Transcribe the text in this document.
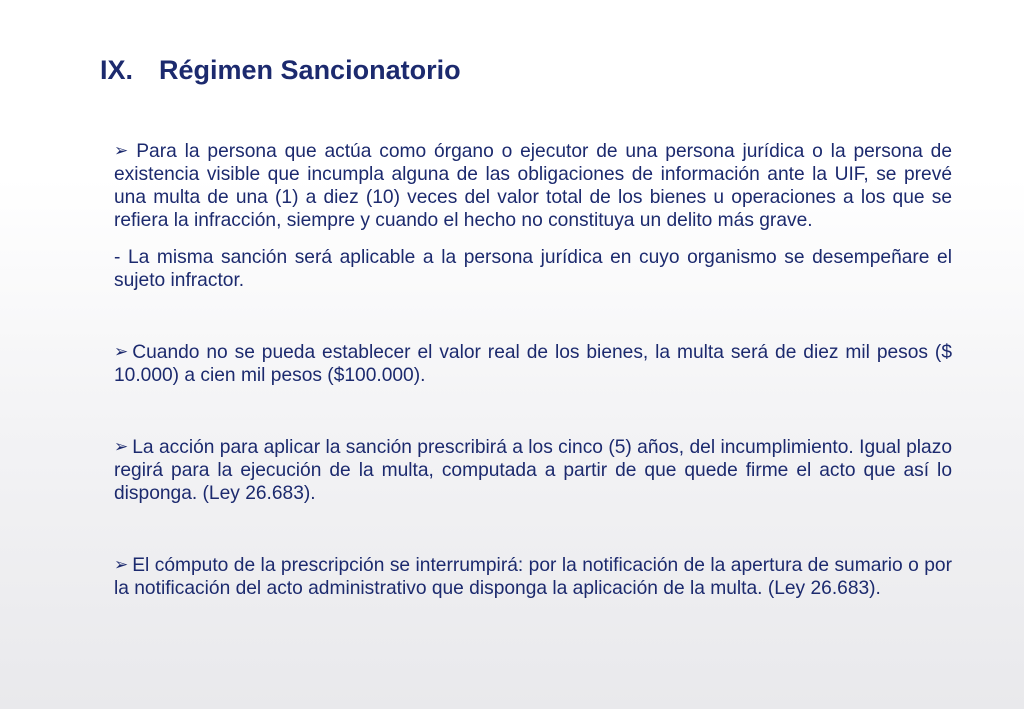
IX. Régimen Sancionatorio

➢ Para la persona que actúa como órgano o ejecutor de una persona jurídica o la persona de existencia visible que incumpla alguna de las obligaciones de información ante la UIF, se prevé una multa de una (1) a diez (10) veces del valor total de los bienes u operaciones a los que se refiera la infracción, siempre y cuando el hecho no constituya un delito más grave.

- La misma sanción será aplicable a la persona jurídica en cuyo organismo se desempeñare el sujeto infractor.

➢ Cuando no se pueda establecer el valor real de los bienes, la multa será de diez mil pesos ($ 10.000) a cien mil pesos ($100.000).

➢ La acción para aplicar la sanción prescribirá a los cinco (5) años, del incumplimiento. Igual plazo regirá para la ejecución de la multa, computada a partir de que quede firme el acto que así lo disponga. (Ley 26.683).

➢ El cómputo de la prescripción se interrumpirá: por la notificación de la apertura de sumario o por la notificación del acto administrativo que disponga la aplicación de la multa. (Ley 26.683).
